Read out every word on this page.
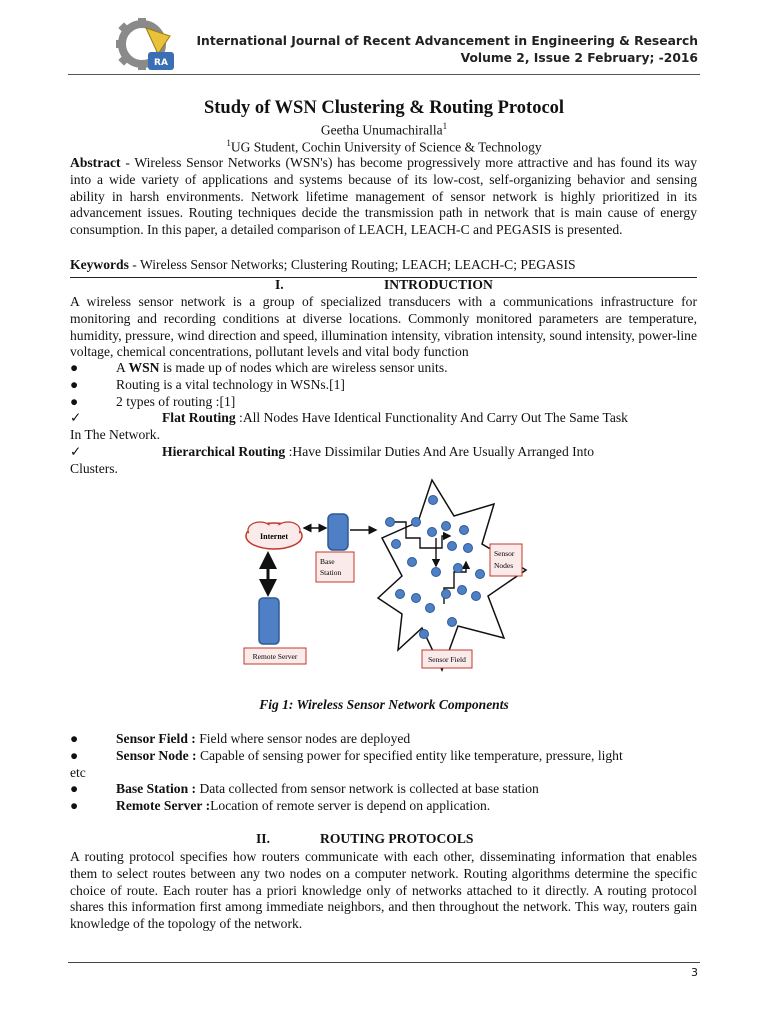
RA
International Journal of Recent Advancement in Engineering & Research
Volume 2, Issue 2 February; -2016
Study of WSN Clustering & Routing Protocol
Geetha Unumachiralla$^1$
$^1$UG Student, Cochin University of Science & Technology
Abstract - Wireless Sensor Networks (WSN's) has become progressively more attractive and has found its way into a wide variety of applications and systems because of its low-cost, self-organizing behavior and sensing ability in harsh environments. Network lifetime management of sensor network is highly prioritized in its advancement issues. Routing techniques decide the transmission path in network that is main cause of energy consumption. In this paper, a detailed comparison of LEACH, LEACH-C and PEGASIS is presented.
Keywords - Wireless Sensor Networks; Clustering Routing; LEACH; LEACH-C; PEGASIS
I.	INTRODUCTION
A wireless sensor network is a group of specialized transducers with a communications infrastructure for monitoring and recording conditions at diverse locations. Commonly monitored parameters are temperature, humidity, pressure, wind direction and speed, illumination intensity, vibration intensity, sound intensity, power-line voltage, chemical concentrations, pollutant levels and vital body function
●	A WSN is made up of nodes which are wireless sensor units.
●	Routing is a vital technology in WSNs.[1]
●	2 types of routing :[1]
✓	Flat Routing :All Nodes Have Identical Functionality And Carry Out The Same Task
In The Network.
✓	Hierarchical Routing :Have Dissimilar Duties And Are Usually Arranged Into
Clusters.
Internet
Base
Station
Remote Server	Sensor Field
Sensor
Nodes
Fig 1: Wireless Sensor Network Components
●	Sensor Field : Field where sensor nodes are deployed
●	Sensor Node : Capable of sensing power for specified entity like temperature, pressure, light
etc
●	Base Station : Data collected from sensor network is collected at base station
●	Remote Server :Location of remote server is depend on application.
II.	ROUTING PROTOCOLS
A routing protocol specifies how routers communicate with each other, disseminating information that enables them to select routes between any two nodes on a computer network. Routing algorithms determine the specific choice of route. Each router has a priori knowledge only of networks attached to it directly. A routing protocol shares this information first among immediate neighbors, and then throughout the network. This way, routers gain knowledge of the topology of the network.
3
